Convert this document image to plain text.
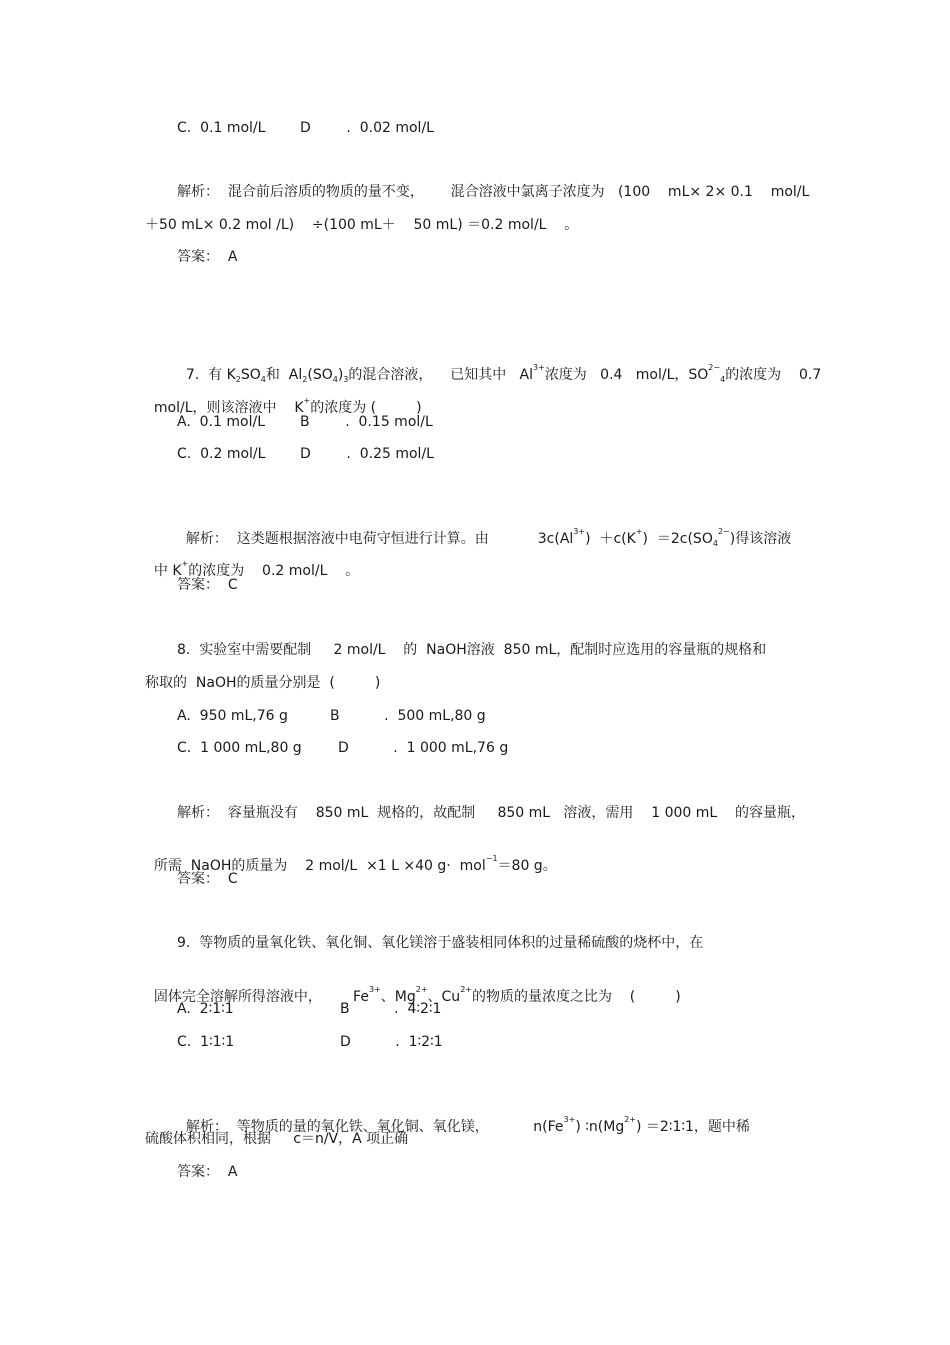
C.  0.1 mol/L D        .  0.02 mol/L
解析：  混合前后溶质的物质的量不变，      混合溶液中氯离子浓度为   (100    mL× 2× 0.1    mol/L
＋50 mL× 0.2 mol /L)    ÷(100 mL＋    50 mL) ＝0.2 mol/L    。
答案：  A

7.  有 $K_2SO_4$和  $Al_2(SO_4)_3$的混合溶液，    已知其中   $Al^{3+}$浓度为   0.4   mol/L，$SO^{2-}_4$的浓度为    0.7

mol/L，则该溶液中    K+的浓度为 (         )

A.  0.1 mol/L B        .  0.15 mol/L
C.  0.2 mol/L D        .  0.25 mol/L

解析：  这类题根据溶液中电荷守恒进行计算。由           $3c(Al^{3+}) +c(K^+) =2c(SO_4^{2-})$得该溶液

中 K+的浓度为    0.2 mol/L    。

答案：  C
8.  实验室中需要配制     2 mol/L    的  NaOH溶液  850 mL，配制时应选用的容量瓶的规格和
称取的  NaOH的质量分别是  (         )
A.  950 mL,76 g	B          .  500 mL,80 g
C.  1 000 mL,80 g	D          .  1 000 mL,76 g
解析：  容量瓶没有    850 mL  规格的，故配制     850 mL   溶液，需用    1 000 mL    的容量瓶，

所需  NaOH的质量为    2 mol/L  ×1 L ×40 g·  mol$^{-1}$＝80 g。

答案：  C
9.  等物质的量氧化铁、氧化铜、氧化镁溶于盛装相同体积的过量稀硫酸的烧杯中，在

固体完全溶解所得溶液中，       $Fe^{3+}$、$Mg^{2+}$、$Cu^{2+}$的物质的量浓度之比为    (         )

A.  2∶1∶1	B          .  4∶2∶1
C.  1∶1∶1	D          .  1∶2∶1

解析：  等物质的量的氧化铁、氧化铜、氧化镁，          $n(Fe^{3+})$ $∶n(Mg^{2+})$ ＝2∶1∶1，题中稀

硫酸体积相同，根据     c＝n/V，A 项正确
答案：  A
